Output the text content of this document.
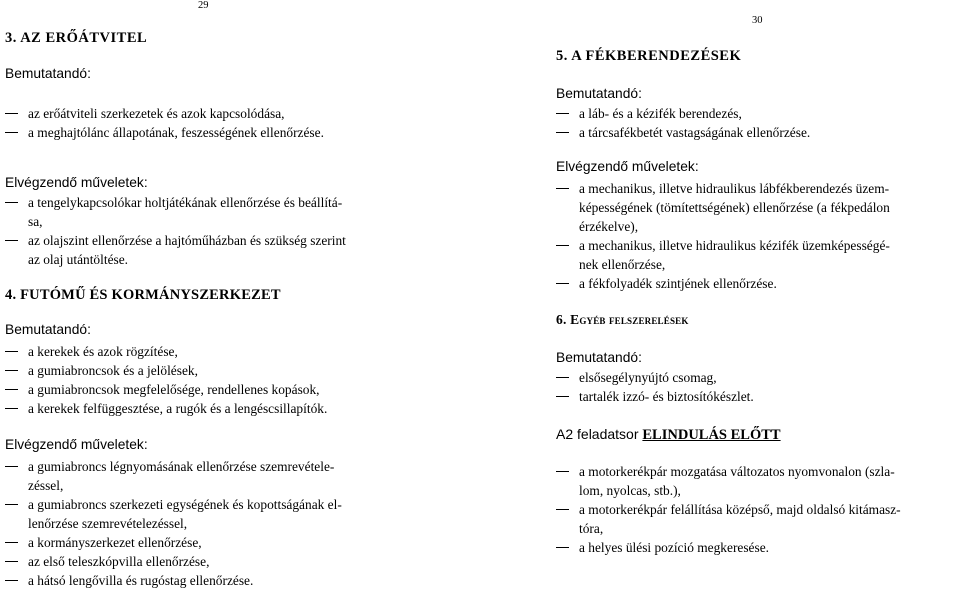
29
30
3. AZ ERŐÁTVITEL
Bemutatandó:
az erőátviteli szerkezetek és azok kapcsolódása,
a meghajtólánc állapotának, feszességének ellenőrzése.
Elvégzendő műveletek:
a tengelykapcsolókar holtjátékának ellenőrzése és beállítá-
sa,
az olajszint ellenőrzése a hajtóműházban és szükség szerint
az olaj utántöltése.
4. FUTÓMŰ ÉS KORMÁNYSZERKEZET
Bemutatandó:
a kerekek és azok rögzítése,
a gumiabroncsok és a jelölések,
a gumiabroncsok megfelelősége, rendellenes kopások,
a kerekek felfüggesztése, a rugók és a lengéscsillapítók.
Elvégzendő műveletek:
a gumiabroncs légnyomásának ellenőrzése szemrevétele-
zéssel,
a gumiabroncs szerkezeti egységének és kopottságának el-
lenőrzése szemrevételezéssel,
a kormányszerkezet ellenőrzése,
az első teleszkópvilla ellenőrzése,
a hátsó lengővilla és rugóstag ellenőrzése.
5. A FÉKBERENDEZÉSEK
Bemutatandó:
a láb- és a kézifék berendezés,
a tárcsafékbetét vastagságának ellenőrzése.
Elvégzendő műveletek:
a mechanikus, illetve hidraulikus lábfékberendezés üzem-
képességének (tömítettségének) ellenőrzése (a fékpedálon
érzékelve),
a mechanikus, illetve hidraulikus kézifék üzemképességé-
nek ellenőrzése,
a fékfolyadék szintjének ellenőrzése.
6. Egyéb felszerelések
Bemutatandó:
elsősegélynyújtó csomag,
tartalék izzó- és biztosítókészlet.
A2 feladatsor ELINDULÁS ELŐTT
a motorkerékpár mozgatása változatos nyomvonalon (szla-
lom, nyolcas, stb.),
a motorkerékpár felállítása középső, majd oldalsó kitámasz-
tóra,
a helyes ülési pozíció megkeresése.
